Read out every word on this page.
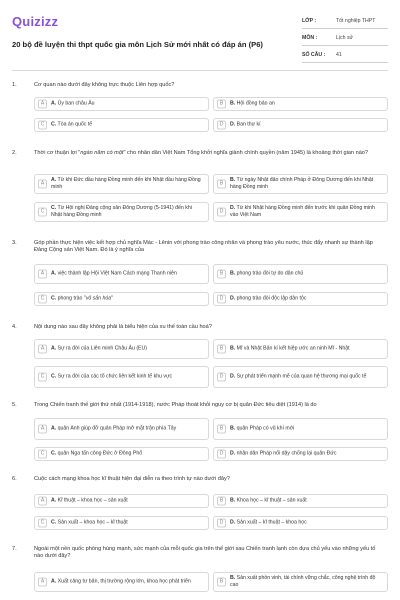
Quizizz
20 bộ đề luyện thi thpt quốc gia môn Lịch Sử mới nhất có đáp án (P6)
LỚP :	Tốt nghiệp THPT
MÔN :	Lịch sử
SỐ CÂU : 41
1.	Cơ quan nào dưới đây không trực thuộc Liên hợp quốc?
A	A. Ủy ban châu Âu	B	B. Hội đồng bảo an
C	C. Tòa án quốc tế	D	D. Ban thư kí
2.	Thời cơ thuận lợi "ngàn năm có một" cho nhân dân Việt Nam Tổng khởi nghĩa giành chính quyền (năm 1945) là khoảng thời gian nào?
A
A. Từ khi Đức đầu hàng Đồng minh đến khi Nhật đầu hàng Đồng minh
B
B. Từ ngày Nhật đảo chính Pháp ở Đông Dương đến khi Nhật hàng Đồng minh
C
C. Từ Hội nghị Đảng cộng sản Đông Dương (5-1941) đến khi Nhật hàng Đồng minh
D
D. Từ khi Nhật hàng Đồng minh đến trước khi quân Đồng minh vào Việt Nam
3.	Góp phần thực hiện việc kết hợp chủ nghĩa Mác - Lênin với phong trào công nhân và phong trào yêu nước, thúc đẩy nhanh sự thành lập Đảng Cộng sản Việt Nam. Đó là ý nghĩa của
A	A. việc thành lập Hội Việt Nam Cách mạng Thanh niên	B	B. phong trào đòi tự do dân chủ
C	C. phong trào "vô sản hóa"	D	D. phong trào đòi độc lập dân tộc
4.	Nội dung nào sau đây không phải là biểu hiện của xu thế toàn cầu hoá?
A	A. Sự ra đời của Liên minh Châu Âu (EU)	B	B. Mĩ và Nhật Bản kí kết hiệp ước an ninh Mĩ - Nhật
C	C. Sự ra đời của các tổ chức liên kết kinh tế khu vực	D	D. Sự phát triển mạnh mẽ của quan hệ thương mại quốc tế
5.	Trong Chiến tranh thế giới thứ nhất (1914-1918), nước Pháp thoát khỏi nguy cơ bị quân Đức tiêu diệt (1914) là do
A	A. quân Anh giúp đỡ quân Pháp mở mặt trận phía Tây	B	B. quân Pháp có vũ khí mới
C	C. quân Nga tấn công Đức ở Đông Phổ	D	D. nhân dân Pháp nổi dậy chống lại quân Đức
6.	Cuộc cách mạng khoa học kĩ thuật hiện đại diễn ra theo trình tự nào dưới đây?
A	A. Kĩ thuật – khoa học – sản xuất	B	B. Khoa học – kĩ thuật – sản xuất
C	C. Sản xuất – khoa học – kĩ thuật	D	D. Sản xuất – kĩ thuật – khoa học
7.	Ngoài một nền quốc phòng hùng mạnh, sức mạnh của mỗi quốc gia trên thế giới sau Chiến tranh lạnh còn dựa chủ yếu vào những yếu tố nào dưới đây?
A	A. Xuất cảng tư bản, thị trường rộng lớn, khoa học phát triển	B
B. Sản xuất phồn vinh, tài chính vững chắc, công nghệ trình độ cao
